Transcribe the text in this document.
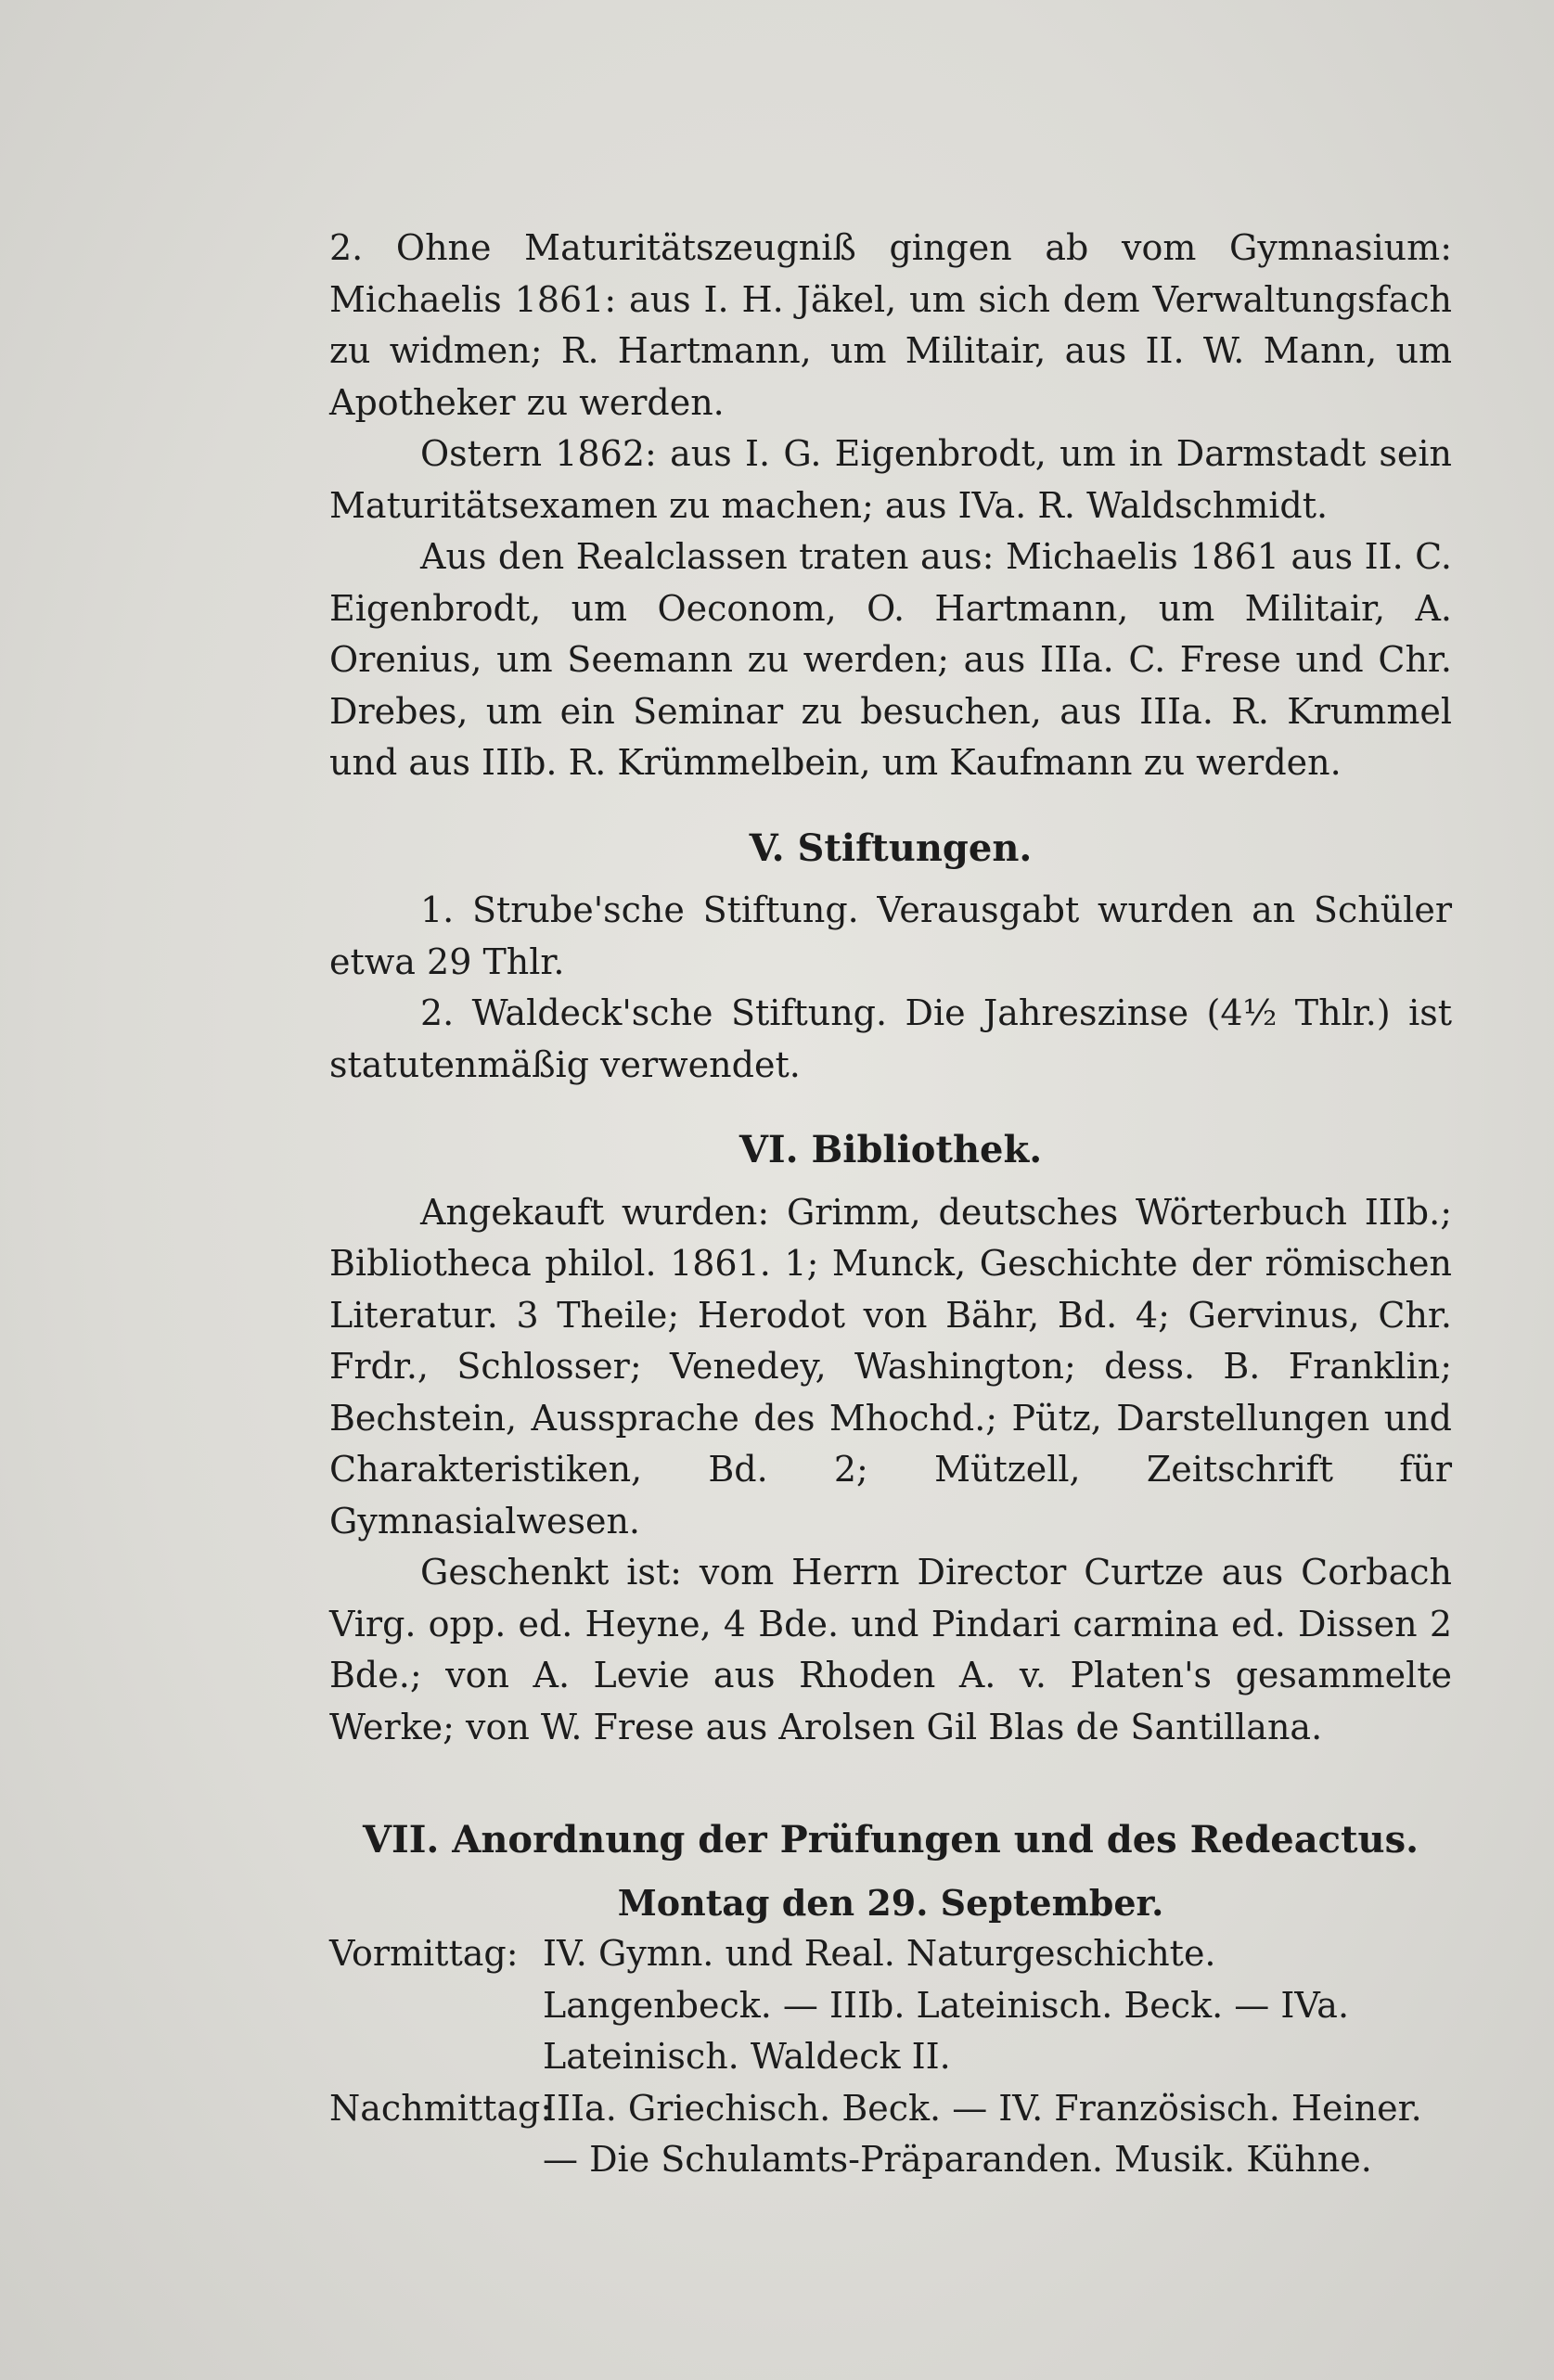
2. Ohne Maturitätszeugniß gingen ab vom Gymnasium: Michaelis 1861: aus I. H. Jäkel, um sich dem Verwaltungsfach zu widmen; R. Hartmann, um Militair, aus II. W. Mann, um Apotheker zu werden.

Ostern 1862: aus I. G. Eigenbrodt, um in Darmstadt sein Maturitätsexamen zu machen; aus IVa. R. Waldschmidt.

Aus den Realclassen traten aus: Michaelis 1861 aus II. C. Eigenbrodt, um Oeconom, O. Hartmann, um Militair, A. Orenius, um Seemann zu werden; aus IIIa. C. Frese und Chr. Drebes, um ein Seminar zu besuchen, aus IIIa. R. Krummel und aus IIIb. R. Krümmelbein, um Kaufmann zu werden.

V. Stiftungen.

1. Strube'sche Stiftung. Verausgabt wurden an Schüler etwa 29 Thlr.

2. Waldeck'sche Stiftung. Die Jahreszinse (4½ Thlr.) ist statutenmäßig verwendet.

VI. Bibliothek.

Angekauft wurden: Grimm, deutsches Wörterbuch IIIb.; Bibliotheca philol. 1861. 1; Munck, Geschichte der römischen Literatur. 3 Theile; Herodot von Bähr, Bd. 4; Gervinus, Chr. Frdr., Schlosser; Venedey, Washington; dess. B. Franklin; Bechstein, Aussprache des Mhochd.; Pütz, Darstellungen und Charakteristiken, Bd. 2; Mützell, Zeitschrift für Gymnasialwesen.

Geschenkt ist: vom Herrn Director Curtze aus Corbach Virg. opp. ed. Heyne, 4 Bde. und Pindari carmina ed. Dissen 2 Bde.; von A. Levie aus Rhoden A. v. Platen's gesammelte Werke; von W. Frese aus Arolsen Gil Blas de Santillana.

VII. Anordnung der Prüfungen und des Redeactus.

Montag den 29. September.

Vormittag: IV. Gymn. und Real. Naturgeschichte. Langenbeck. — IIIb. Lateinisch. Beck. — IVa. Lateinisch. Waldeck II.
Nachmittag:
IIIa. Griechisch. Beck. — IV. Französisch. Heiner. — Die Schulamts-Präparanden. Musik. Kühne.
